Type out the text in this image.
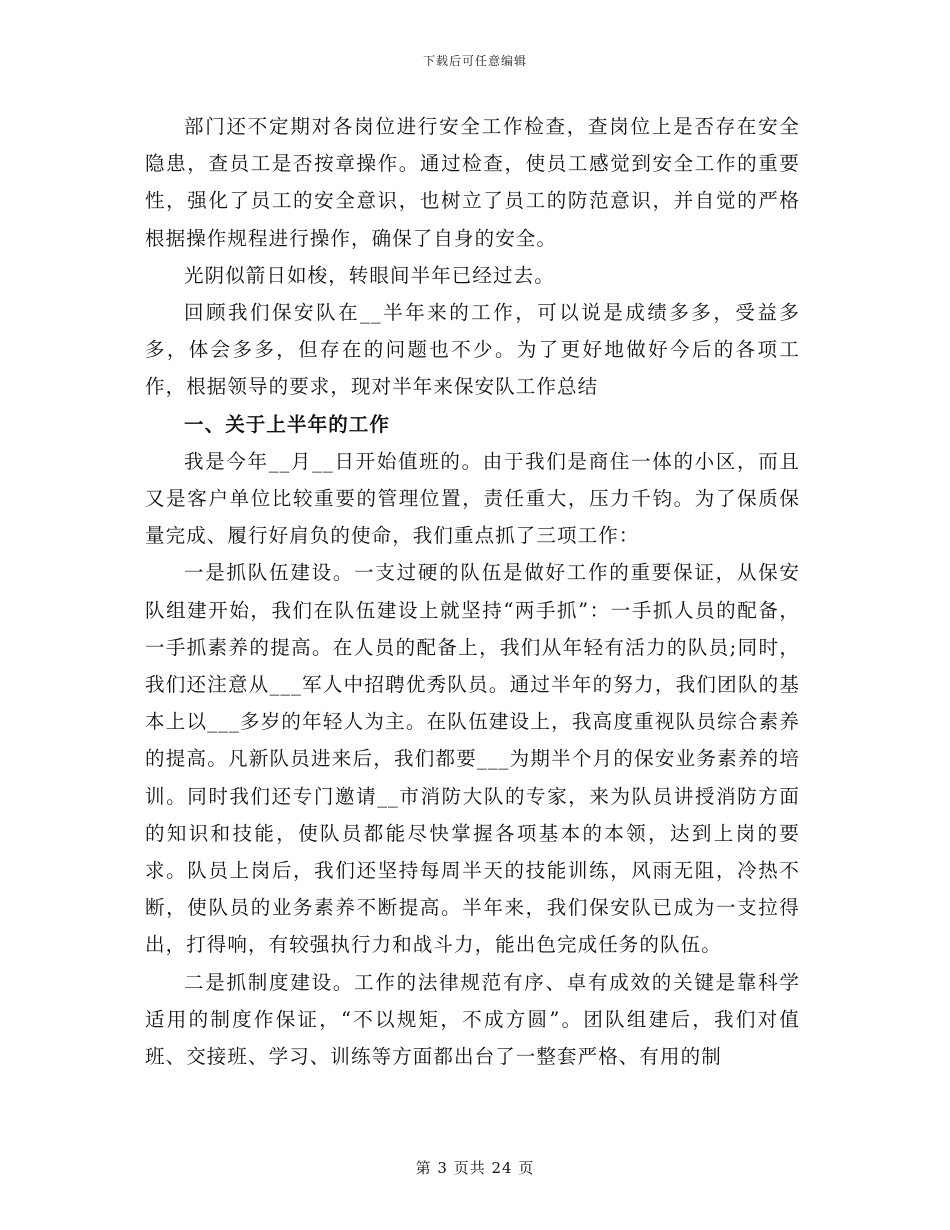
下载后可任意编辑

部门还不定期对各岗位进行安全工作检查，查岗位上是否存在安全隐患，查员工是否按章操作。通过检查，使员工感觉到安全工作的重要性，强化了员工的安全意识，也树立了员工的防范意识，并自觉的严格根据操作规程进行操作，确保了自身的安全。

光阴似箭日如梭，转眼间半年已经过去。

回顾我们保安队在__半年来的工作，可以说是成绩多多，受益多多，体会多多，但存在的问题也不少。为了更好地做好今后的各项工作，根据领导的要求，现对半年来保安队工作总结

一、关于上半年的工作

我是今年__月__日开始值班的。由于我们是商住一体的小区，而且又是客户单位比较重要的管理位置，责任重大，压力千钧。为了保质保量完成、履行好肩负的使命，我们重点抓了三项工作：

一是抓队伍建设。一支过硬的队伍是做好工作的重要保证，从保安队组建开始，我们在队伍建设上就坚持“两手抓”：一手抓人员的配备，一手抓素养的提高。在人员的配备上，我们从年轻有活力的队员;同时，我们还注意从___军人中招聘优秀队员。通过半年的努力，我们团队的基本上以___多岁的年轻人为主。在队伍建设上，我高度重视队员综合素养的提高。凡新队员进来后，我们都要___为期半个月的保安业务素养的培训。同时我们还专门邀请__市消防大队的专家，来为队员讲授消防方面的知识和技能，使队员都能尽快掌握各项基本的本领，达到上岗的要求。队员上岗后，我们还坚持每周半天的技能训练，风雨无阻，冷热不断，使队员的业务素养不断提高。半年来，我们保安队已成为一支拉得出，打得响，有较强执行力和战斗力，能出色完成任务的队伍。

二是抓制度建设。工作的法律规范有序、卓有成效的关键是靠科学适用的制度作保证，“不以规矩，不成方圆”。团队组建后，我们对值班、交接班、学习、训练等方面都出台了一整套严格、有用的制

第 3 页共 24 页
